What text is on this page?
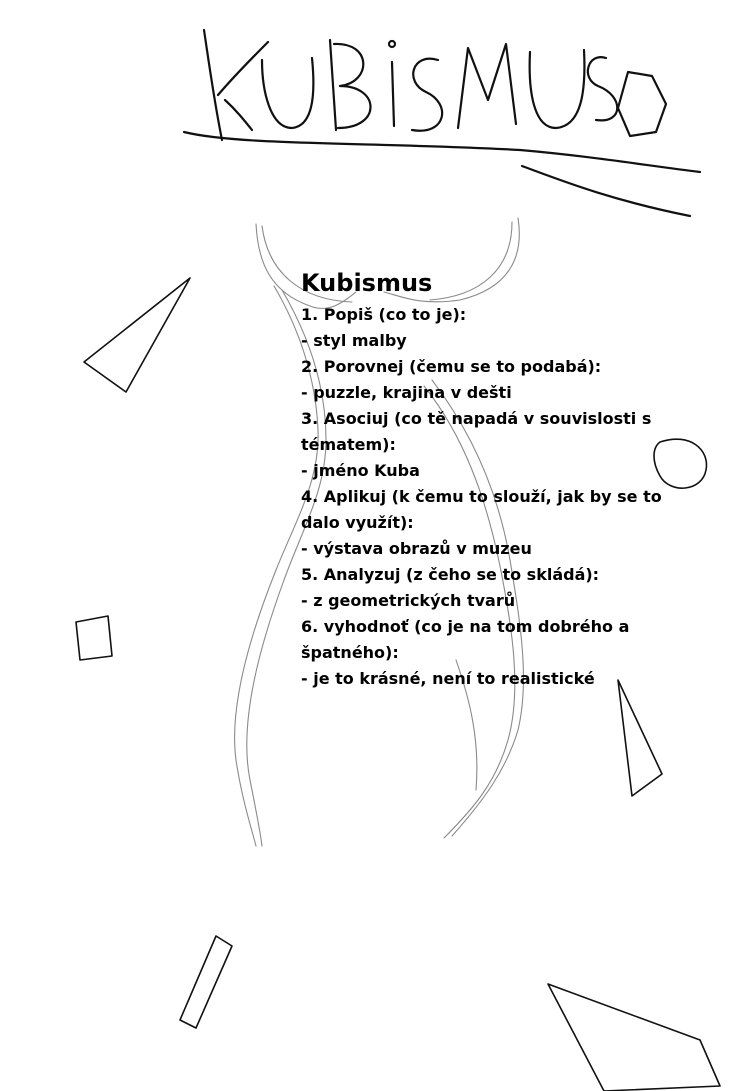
Kubismus
1. Popiš (co to je):
- styl malby
2. Porovnej (čemu se to podabá):
- puzzle, krajina v dešti
3. Asociuj (co tě napadá v souvislosti s
tématem):
- jméno Kuba
4. Aplikuj (k čemu to slouží, jak by se to
dalo využít):
- výstava obrazů v muzeu
5. Analyzuj (z čeho se to skládá):
- z geometrických tvarů
6. vyhodnoť (co je na tom dobrého a
špatného):
- je to krásné, není to realistické
